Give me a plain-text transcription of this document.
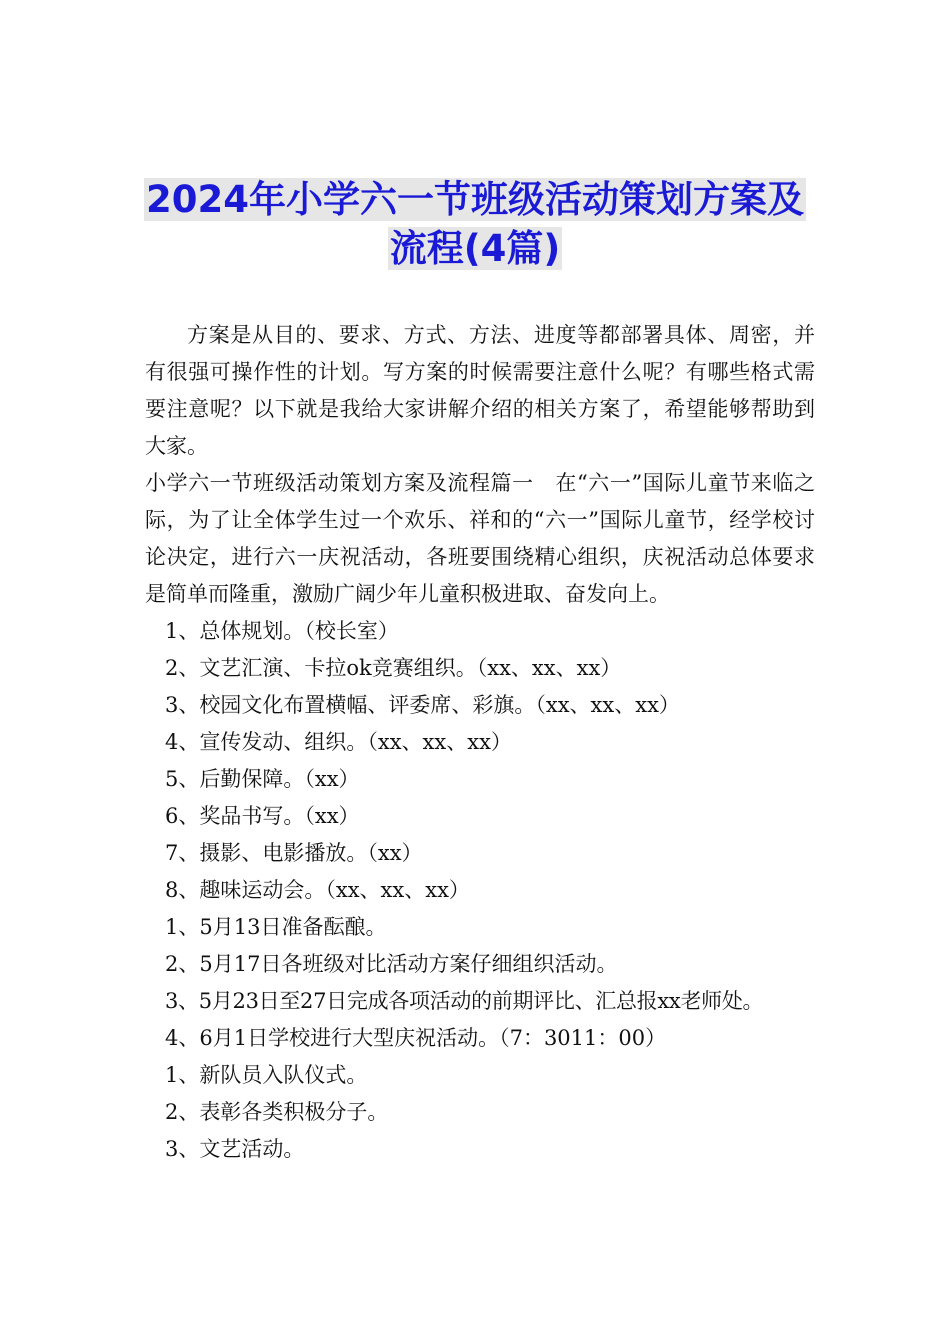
2024年小学六一节班级活动策划方案及
流程(4篇)

方案是从目的、要求、方式、方法、进度等都部署具体、周密，并有很强可操作性的计划。写方案的时候需要注意什么呢？有哪些格式需要注意呢？以下就是我给大家讲解介绍的相关方案了，希望能够帮助到大家。

小学六一节班级活动策划方案及流程篇一　在“六一”国际儿童节来临之际，为了让全体学生过一个欢乐、祥和的“六一”国际儿童节，经学校讨论决定，进行六一庆祝活动，各班要围绕精心组织，庆祝活动总体要求是简单而隆重，激励广阔少年儿童积极进取、奋发向上。

1、总体规划。（校长室）

2、文艺汇演、卡拉ok竞赛组织。（xx、xx、xx）

3、校园文化布置横幅、评委席、彩旗。（xx、xx、xx）

4、宣传发动、组织。（xx、xx、xx）

5、后勤保障。（xx）

6、奖品书写。（xx）

7、摄影、电影播放。（xx）

8、趣味运动会。（xx、xx、xx）

1、5月13日准备酝酿。

2、5月17日各班级对比活动方案仔细组织活动。

3、5月23日至27日完成各项活动的前期评比、汇总报xx老师处。

4、6月1日学校进行大型庆祝活动。（7：3011：00）

1、新队员入队仪式。

2、表彰各类积极分子。

3、文艺活动。
